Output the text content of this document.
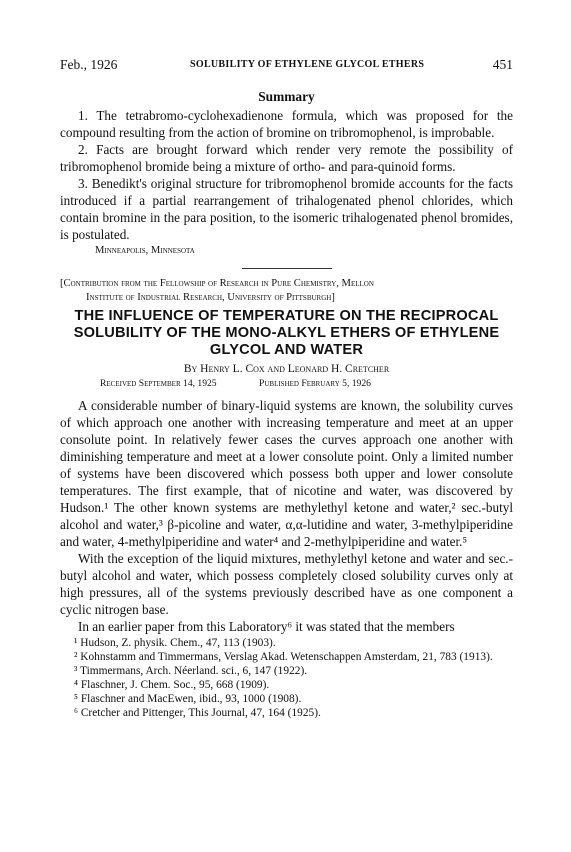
Feb., 1926	SOLUBILITY OF ETHYLENE GLYCOL ETHERS	451
Summary

1. The tetrabromo-cyclohexadienone formula, which was proposed for the compound resulting from the action of bromine on tribromophenol, is improbable.

2. Facts are brought forward which render very remote the possibility of tribromophenol bromide being a mixture of ortho- and para-quinoid forms.

3. Benedikt's original structure for tribromophenol bromide accounts for the facts introduced if a partial rearrangement of trihalogenated phenol chlorides, which contain bromine in the para position, to the isomeric trihalogenated phenol bromides, is postulated.

Minneapolis, Minnesota
[Contribution from the Fellowship of Research in Pure Chemistry, Mellon
Institute of Industrial Research, University of Pittsburgh]
THE INFLUENCE OF TEMPERATURE ON THE RECIPROCAL SOLUBILITY OF THE MONO-ALKYL ETHERS OF ETHYLENE GLYCOL AND WATER
By Henry L. Cox and Leonard H. Cretcher
Received September 14, 1925	Published February 5, 1926

A considerable number of binary-liquid systems are known, the solubility curves of which approach one another with increasing temperature and meet at an upper consolute point. In relatively fewer cases the curves approach one another with diminishing temperature and meet at a lower consolute point. Only a limited number of systems have been discovered which possess both upper and lower consolute temperatures. The first example, that of nicotine and water, was discovered by Hudson.¹ The other known systems are methylethyl ketone and water,² sec.-butyl alcohol and water,³ β-picoline and water, α,α-lutidine and water, 3-methylpiperidine and water, 4-methylpiperidine and water⁴ and 2-methylpiperidine and water.⁵

With the exception of the liquid mixtures, methylethyl ketone and water and sec.-butyl alcohol and water, which possess completely closed solubility curves only at high pressures, all of the systems previously described have as one component a cyclic nitrogen base.

In an earlier paper from this Laboratory⁶ it was stated that the members

¹ Hudson, Z. physik. Chem., 47, 113 (1903).

² Kohnstamm and Timmermans, Verslag Akad. Wetenschappen Amsterdam, 21, 783 (1913).

³ Timmermans, Arch. Néerland. sci., 6, 147 (1922).

⁴ Flaschner, J. Chem. Soc., 95, 668 (1909).

⁵ Flaschner and MacEwen, ibid., 93, 1000 (1908).

⁶ Cretcher and Pittenger, This Journal, 47, 164 (1925).
